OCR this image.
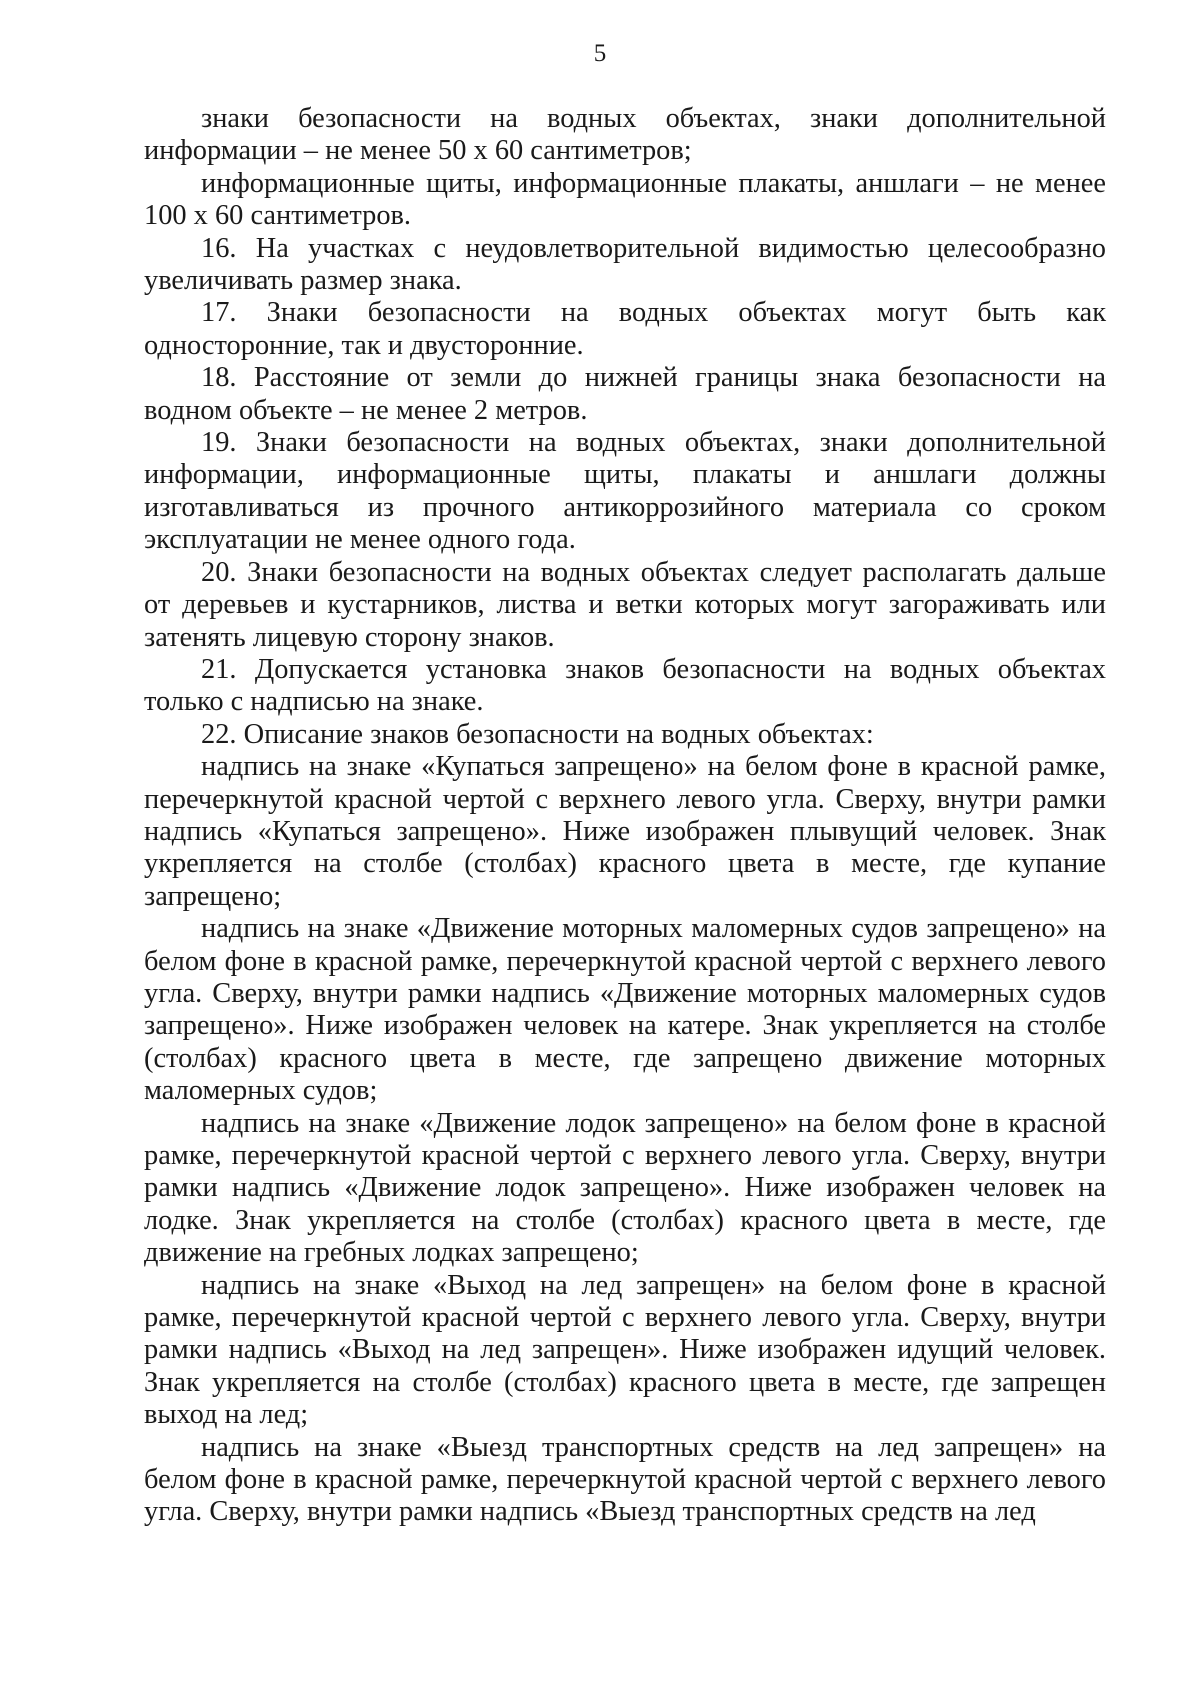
5

знаки безопасности на водных объектах, знаки дополнительной информации – не менее 50 х 60 сантиметров;

информационные щиты, информационные плакаты, аншлаги – не менее 100 х 60 сантиметров.

16. На участках с неудовлетворительной видимостью целесообразно увеличивать размер знака.

17. Знаки безопасности на водных объектах могут быть как односторонние, так и двусторонние.

18. Расстояние от земли до нижней границы знака безопасности на водном объекте – не менее 2 метров.

19. Знаки безопасности на водных объектах, знаки дополнительной информации, информационные щиты, плакаты и аншлаги должны изготавливаться из прочного антикоррозийного материала со сроком эксплуатации не менее одного года.

20. Знаки безопасности на водных объектах следует располагать дальше от деревьев и кустарников, листва и ветки которых могут загораживать или затенять лицевую сторону знаков.

21. Допускается установка знаков безопасности на водных объектах только с надписью на знаке.

22. Описание знаков безопасности на водных объектах:

надпись на знаке «Купаться запрещено» на белом фоне в красной рамке, перечеркнутой красной чертой с верхнего левого угла. Сверху, внутри рамки надпись «Купаться запрещено». Ниже изображен плывущий человек. Знак укрепляется на столбе (столбах) красного цвета в месте, где купание запрещено;

надпись на знаке «Движение моторных маломерных судов запрещено» на белом фоне в красной рамке, перечеркнутой красной чертой с верхнего левого угла. Сверху, внутри рамки надпись «Движение моторных маломерных судов запрещено». Ниже изображен человек на катере. Знак укрепляется на столбе (столбах) красного цвета в месте, где запрещено движение моторных маломерных судов;

надпись на знаке «Движение лодок запрещено» на белом фоне в красной рамке, перечеркнутой красной чертой с верхнего левого угла. Сверху, внутри рамки надпись «Движение лодок запрещено». Ниже изображен человек на лодке. Знак укрепляется на столбе (столбах) красного цвета в месте, где движение на гребных лодках запрещено;

надпись на знаке «Выход на лед запрещен» на белом фоне в красной рамке, перечеркнутой красной чертой с верхнего левого угла. Сверху, внутри рамки надпись «Выход на лед запрещен». Ниже изображен идущий человек. Знак укрепляется на столбе (столбах) красного цвета в месте, где запрещен выход на лед;

надпись на знаке «Выезд транспортных средств на лед запрещен» на белом фоне в красной рамке, перечеркнутой красной чертой с верхнего левого угла. Сверху, внутри рамки надпись «Выезд транспортных средств на лед
